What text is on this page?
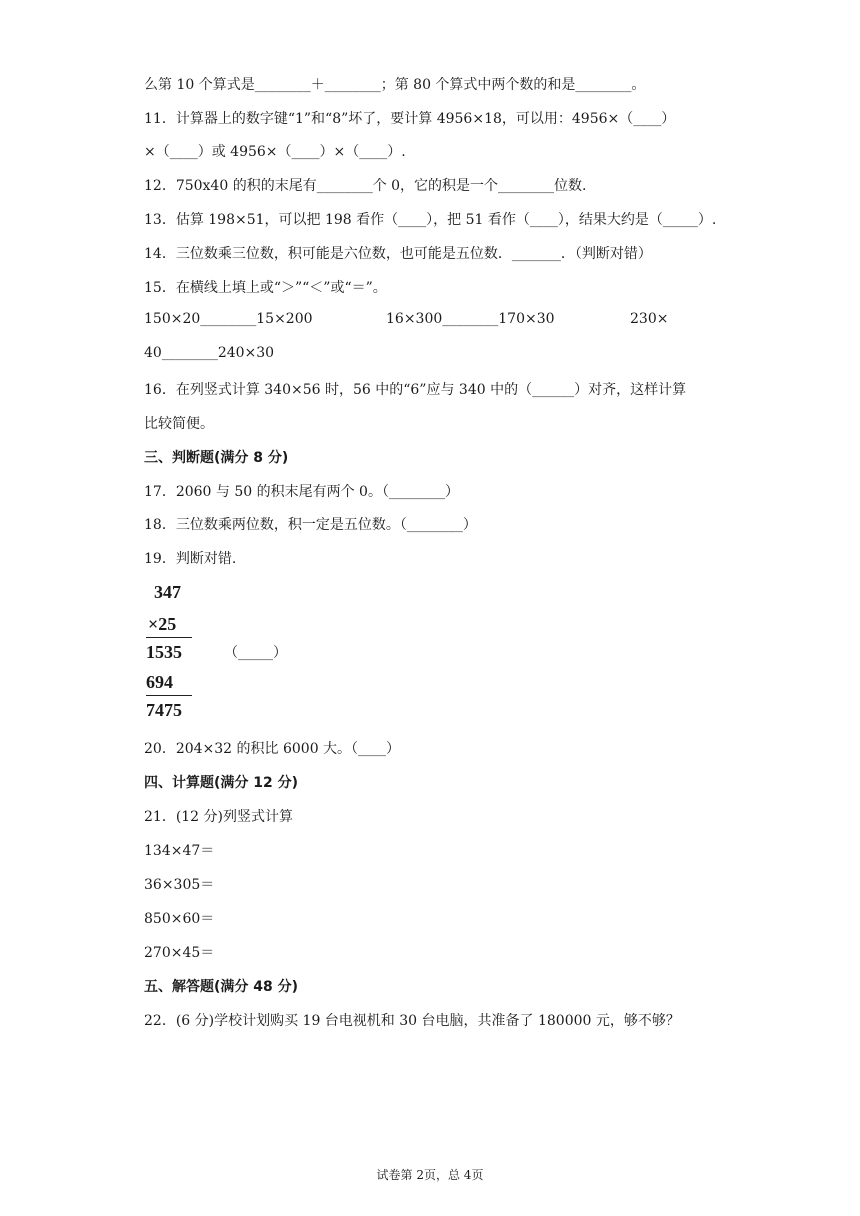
么第 10 个算式是________＋________；第 80 个算式中两个数的和是________。
11．计算器上的数字键“1”和“8”坏了，要计算 4956×18，可以用：4956×（____）
×（____）或 4956×（____）×（____）.
12．750x40 的积的末尾有________个 0，它的积是一个________位数.
13．估算 198×51，可以把 198 看作（____），把 51 看作（____），结果大约是（_____）.
14．三位数乘三位数，积可能是六位数，也可能是五位数．_______．（判断对错）
15．在横线上填上或“＞”“＜”或“＝”。
150×20________15×200	16×300________170×30	230×
40________240×30
16．在列竖式计算 340×56 时，56 中的“6”应与 340 中的（______）对齐，这样计算
比较简便。
三、判断题(满分 8 分)
17．2060 与 50 的积末尾有两个 0。（________）
18．三位数乘两位数，积一定是五位数。（________）
19．判断对错.
347
×25
1535
694
7475
（_____）
20．204×32 的积比 6000 大。（____）
四、计算题(满分 12 分)
21．(12 分)列竖式计算
134×47＝
36×305＝
850×60＝
270×45＝
五、解答题(满分 48 分)
22．(6 分)学校计划购买 19 台电视机和 30 台电脑，共准备了 180000 元，够不够？
试卷第 2页，总 4页
